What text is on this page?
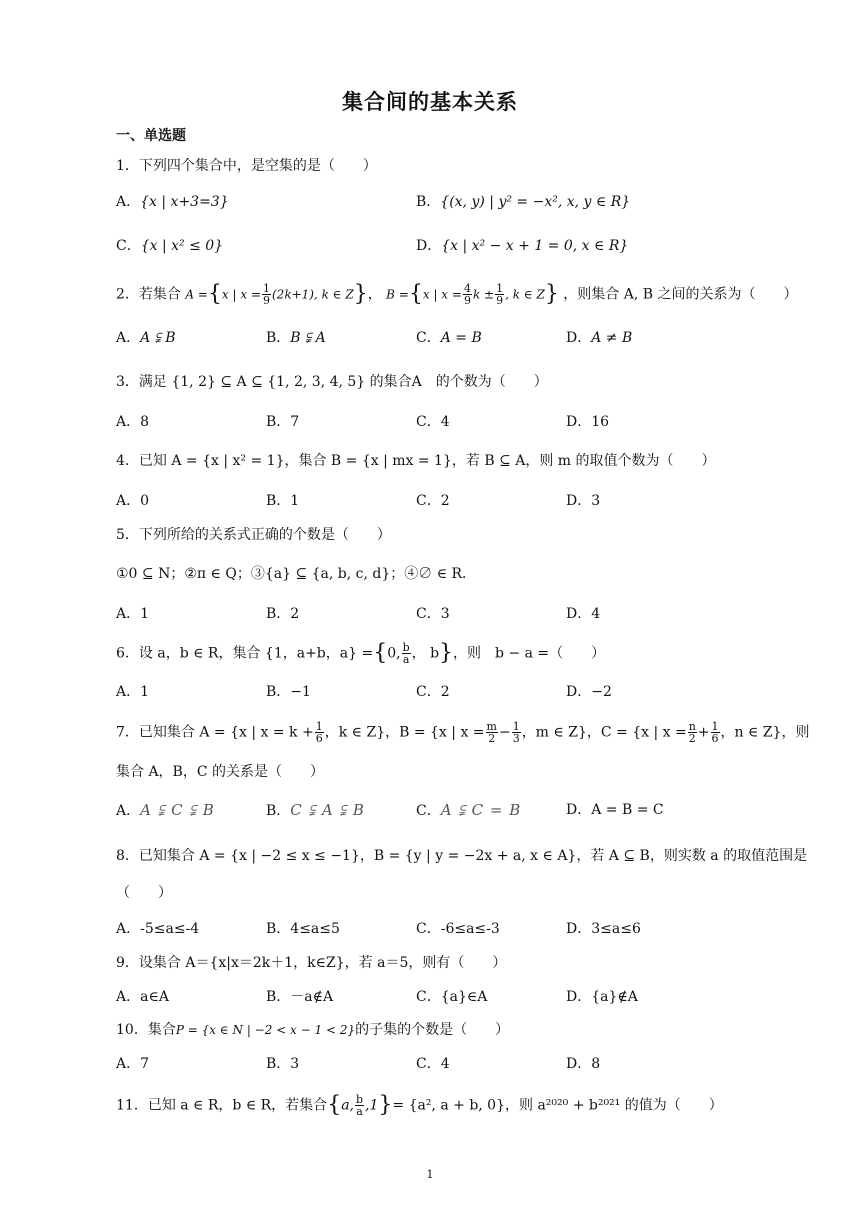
集合间的基本关系
一、单选题
1．下列四个集合中，是空集的是（　　）
A．{x | x+3=3}	B．{(x, y) | y² = −x², x, y ∈ R}
C．{x | x² ≤ 0}	D．{x | x² − x + 1 = 0, x ∈ R}
2．若集合 A ={x | $x = \frac{1}{9} (2k+1)$, k ∈ Z}， B ={x | $x = \frac{4}{9}$ $k \pm \frac{1}{9}$ , k ∈ Z} ，则集合 A, B 之间的关系为（　　）
A．A ⫋ B	B．B ⫋ A	C．A = B	D．A ≠ B
3．满足 {1, 2} ⊆ A ⊆ {1, 2, 3, 4, 5} 的集合A　的个数为（　　）
A．8	B．7	C．4	D．16
4．已知 A = {x | x² = 1}，集合 B = {x | mx = 1}，若 B ⊆ A，则 m 的取值个数为（　　）
A．0	B．1	C．2	D．3
5．下列所给的关系式正确的个数是（　　）
①0 ⊆ N；②π ∈ Q；③{a} ⊆ {a, b, c, d}；④∅ ∈ R．
A．1	B．2	C．3	D．4
6．设 a，b ∈ R，集合 {1，a+b，a} ={0, $\frac{b}{a}$ ， b}，则　b − a =（　　）
A．1	B．−1	C．2	D．−2
7．已知集合 A = {x | $x = k + \frac{1}{6}$ ，k ∈ Z}，B = {x | $x = \frac{m}{2} - \frac{1}{3}$ ，m ∈ Z}，C = {x | $x = \frac{n}{2} + \frac{1}{6}$ ，n ∈ Z}，则
集合 A，B，C 的关系是（　　）
A．A ⫋ C ⫋ B	B．C ⫋ A ⫋ B	C．A ⫋ C = B	D．A = B = C
8．已知集合 A = {x | −2 ≤ x ≤ −1}，B = {y | y = −2x + a, x ∈ A}，若 A ⊆ B，则实数 a 的取值范围是
（　　）
A．-5≤a≤-4	B．4≤a≤5	C．-6≤a≤-3	D．3≤a≤6
9．设集合 A＝{x|x＝2k＋1，k∈Z}，若 a＝5，则有（　　）
A．a∈A	B．－a∉A	C．{a}∈A	D．{a}∉A
10．集合P = {x ∈ N | −2 < x − 1 < 2}的子集的个数是（　　）
A．7	B．3	C．4	D．8
11．已知 a ∈ R，b ∈ R，若集合{a, $\frac{b}{a} ,1\}= \{a^2$, a + b, 0}，则 a²⁰²⁰ + b²⁰²¹ 的值为（　　）
1
